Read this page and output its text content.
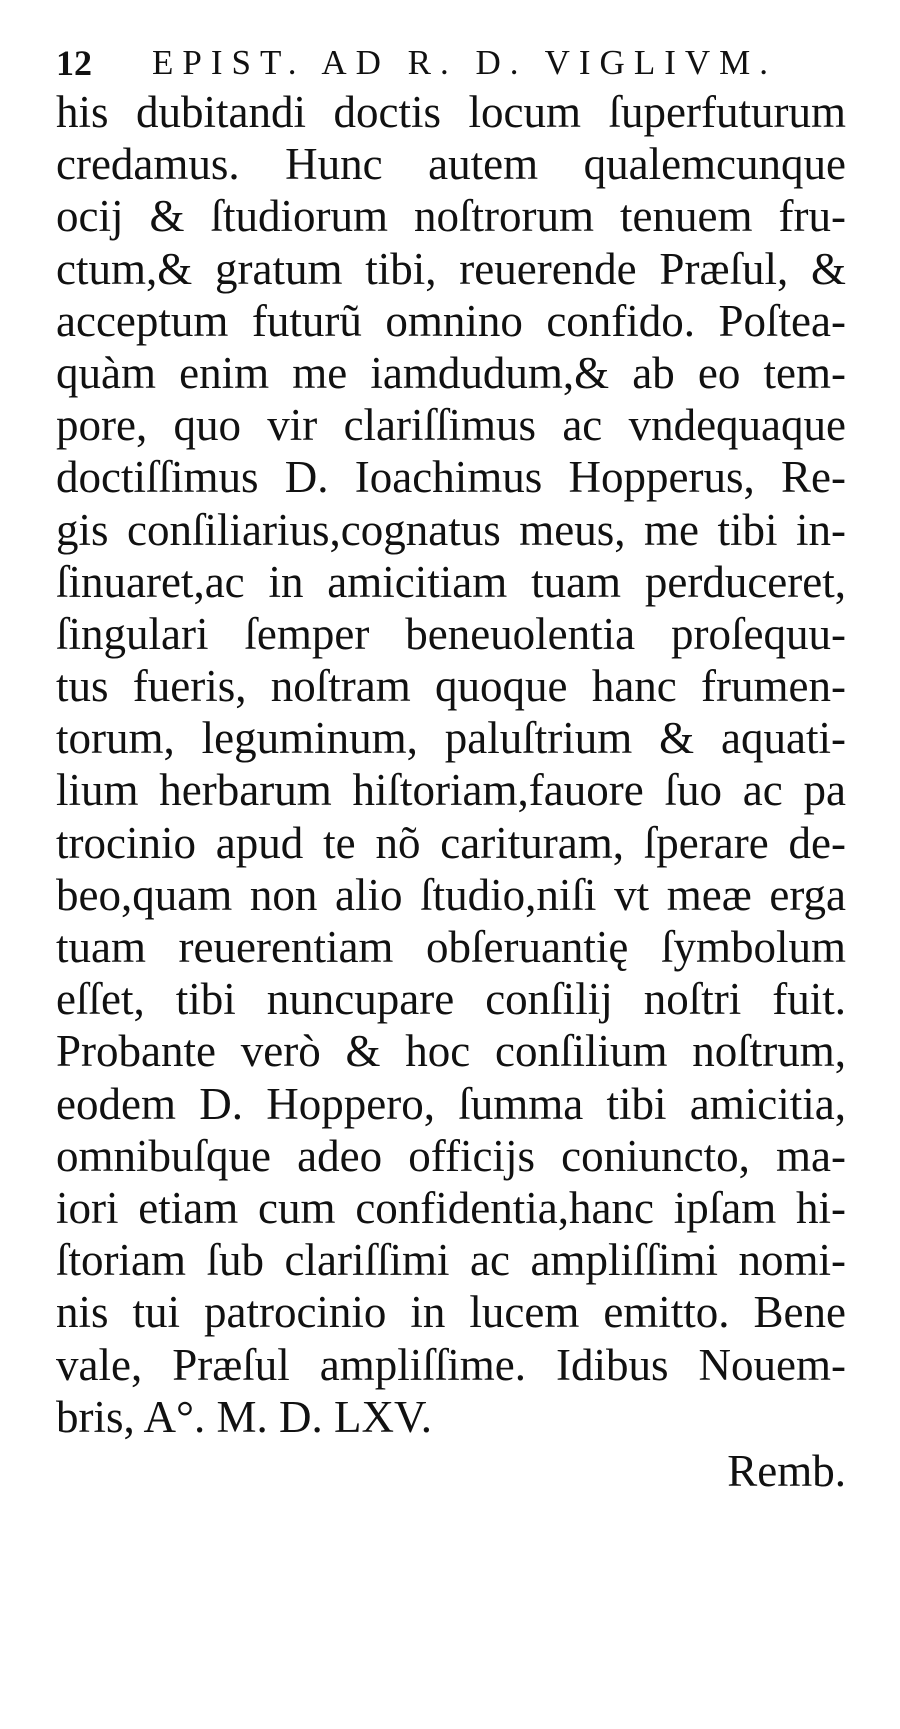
12 EPIST. AD R. D. VIGLIVM.
his dubitandi doctis locum ſuperfuturum
credamus. Hunc autem qualemcunque
ocij & ſtudiorum noſtrorum tenuem fru-
ctum,& gratum tibi, reuerende Præſul, &
acceptum futurũ omnino confido. Poſtea-
quàm enim me iamdudum,& ab eo tem-
pore, quo vir clariſſimus ac vndequaque
doctiſſimus D. Ioachimus Hopperus, Re-
gis conſiliarius,cognatus meus, me tibi in-
ſinuaret,ac in amicitiam tuam perduceret,
ſingulari ſemper beneuolentia proſequu-
tus fueris, noſtram quoque hanc frumen-
torum, leguminum, paluſtrium & aquati-
lium herbarum hiſtoriam,fauore ſuo ac pa
trocinio apud te nõ carituram, ſperare de-
beo,quam non alio ſtudio,niſi vt meæ erga
tuam reuerentiam obſeruantię ſymbolum
eſſet, tibi nuncupare conſilij noſtri fuit.
Probante verò & hoc conſilium noſtrum,
eodem D. Hoppero, ſumma tibi amicitia,
omnibuſque adeo officijs coniuncto, ma-
iori etiam cum confidentia,hanc ipſam hi-
ſtoriam ſub clariſſimi ac ampliſſimi nomi-
nis tui patrocinio in lucem emitto. Bene
vale, Præſul ampliſſime. Idibus Nouem-
bris, A°. M. D. LXV.
Remb.
